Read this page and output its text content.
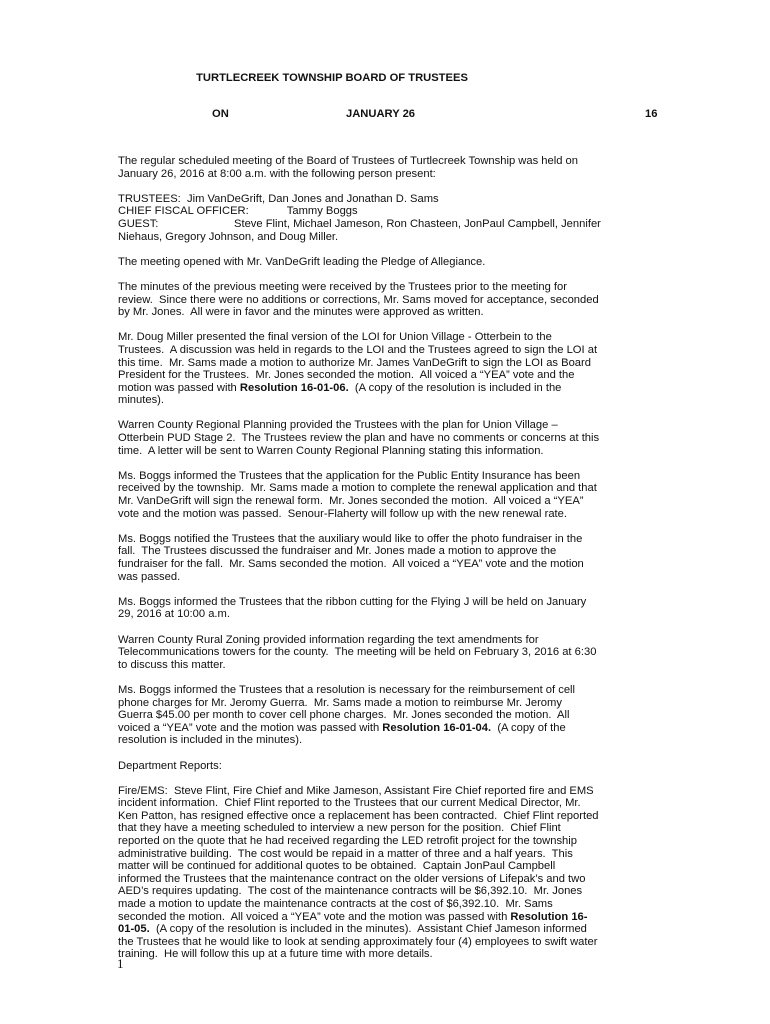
TURTLECREEK TOWNSHIP BOARD OF TRUSTEES
ON	JANUARY 26	16

The regular scheduled meeting of the Board of Trustees of Turtlecreek Township was held on
January 26, 2016 at 8:00 a.m. with the following person present:

TRUSTEES:  Jim VanDeGrift, Dan Jones and Jonathan D. Sams
CHIEF FISCAL OFFICER:	Tammy Boggs
GUEST:	Steve Flint, Michael Jameson, Ron Chasteen, JonPaul Campbell, Jennifer
Niehaus, Gregory Johnson, and Doug Miller.

The meeting opened with Mr. VanDeGrift leading the Pledge of Allegiance.

The minutes of the previous meeting were received by the Trustees prior to the meeting for
review.  Since there were no additions or corrections, Mr. Sams moved for acceptance, seconded
by Mr. Jones.  All were in favor and the minutes were approved as written.

Mr. Doug Miller presented the final version of the LOI for Union Village - Otterbein to the
Trustees.  A discussion was held in regards to the LOI and the Trustees agreed to sign the LOI at
this time.  Mr. Sams made a motion to authorize Mr. James VanDeGrift to sign the LOI as Board
President for the Trustees.  Mr. Jones seconded the motion.  All voiced a “YEA” vote and the
motion was passed with Resolution 16-01-06.  (A copy of the resolution is included in the
minutes).

Warren County Regional Planning provided the Trustees with the plan for Union Village –
Otterbein PUD Stage 2.  The Trustees review the plan and have no comments or concerns at this
time.  A letter will be sent to Warren County Regional Planning stating this information.

Ms. Boggs informed the Trustees that the application for the Public Entity Insurance has been
received by the township.  Mr. Sams made a motion to complete the renewal application and that
Mr. VanDeGrift will sign the renewal form.  Mr. Jones seconded the motion.  All voiced a “YEA”
vote and the motion was passed.  Senour-Flaherty will follow up with the new renewal rate.

Ms. Boggs notified the Trustees that the auxiliary would like to offer the photo fundraiser in the
fall.  The Trustees discussed the fundraiser and Mr. Jones made a motion to approve the
fundraiser for the fall.  Mr. Sams seconded the motion.  All voiced a “YEA” vote and the motion
was passed.

Ms. Boggs informed the Trustees that the ribbon cutting for the Flying J will be held on January
29, 2016 at 10:00 a.m.

Warren County Rural Zoning provided information regarding the text amendments for
Telecommunications towers for the county.  The meeting will be held on February 3, 2016 at 6:30
to discuss this matter.

Ms. Boggs informed the Trustees that a resolution is necessary for the reimbursement of cell
phone charges for Mr. Jeromy Guerra.  Mr. Sams made a motion to reimburse Mr. Jeromy
Guerra $45.00 per month to cover cell phone charges.  Mr. Jones seconded the motion.  All
voiced a “YEA” vote and the motion was passed with Resolution 16-01-04.  (A copy of the
resolution is included in the minutes).

Department Reports:

Fire/EMS:  Steve Flint, Fire Chief and Mike Jameson, Assistant Fire Chief reported fire and EMS
incident information.  Chief Flint reported to the Trustees that our current Medical Director, Mr.
Ken Patton, has resigned effective once a replacement has been contracted.  Chief Flint reported
that they have a meeting scheduled to interview a new person for the position.  Chief Flint
reported on the quote that he had received regarding the LED retrofit project for the township
administrative building.  The cost would be repaid in a matter of three and a half years.  This
matter will be continued for additional quotes to be obtained.  Captain JonPaul Campbell
informed the Trustees that the maintenance contract on the older versions of Lifepak’s and two
AED’s requires updating.  The cost of the maintenance contracts will be $6,392.10.  Mr. Jones
made a motion to update the maintenance contracts at the cost of $6,392.10.  Mr. Sams
seconded the motion.  All voiced a “YEA” vote and the motion was passed with Resolution 16-
01-05.  (A copy of the resolution is included in the minutes).  Assistant Chief Jameson informed
the Trustees that he would like to look at sending approximately four (4) employees to swift water
training.  He will follow this up at a future time with more details.

1
